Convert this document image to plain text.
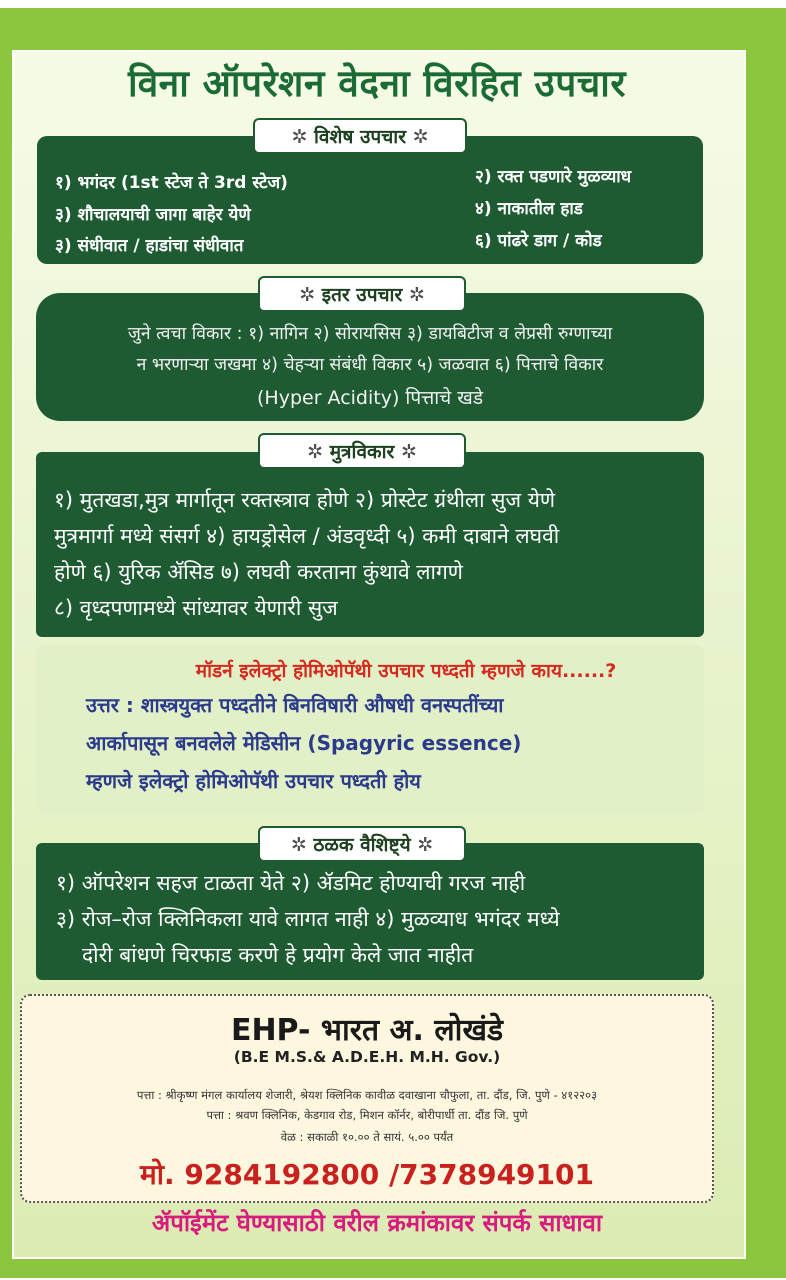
विना ऑपरेशन वेदना विरहित उपचार
१) भगंदर (1st स्टेज ते 3rd स्टेज)
३) शौचालयाची जागा बाहेर येणे
३) संधीवात / हाडांचा संधीवात
२) रक्त पडणारे मुळव्याध
४) नाकातील हाड
६) पांढरे डाग / कोड
✲ विशेष उपचार ✲
जुने त्वचा विकार : १) नागिन २) सोरायसिस ३) डायबिटीज व लेप्रसी रुग्णाच्या
न भरणाऱ्या जखमा ४) चेहऱ्या संबंधी विकार ५) जळवात ६) पित्ताचे विकार
(Hyper Acidity) पित्ताचे खडे
✲ इतर उपचार ✲
१) मुतखडा,मुत्र मार्गातून रक्तस्त्राव होणे २) प्रोस्टेट ग्रंथीला सुज येणे
मुत्रमार्गा मध्ये संसर्ग ४) हायड्रोसेल / अंडवृध्दी ५) कमी दाबाने लघवी
होणे ६) युरिक ॲसिड ७) लघवी करताना कुंथावे लागणे
८) वृध्दपणामध्ये सांध्यावर येणारी सुज
✲ मुत्रविकार ✲
मॉडर्न इलेक्ट्रो होमिओपॅथी उपचार पध्दती म्हणजे काय......?
उत्तर : शास्त्रयुक्त पध्दतीने बिनविषारी औषधी वनस्पतींच्या
आर्कापासून बनवलेले मेडिसीन (Spagyric essence)
म्हणजे इलेक्ट्रो होमिओपॅथी उपचार पध्दती होय
१) ऑपरेशन सहज टाळता येते २) ॲडमिट होण्याची गरज नाही
३) रोज–रोज क्लिनिकला यावे लागत नाही ४) मुळव्याध भगंदर मध्ये
दोरी बांधणे चिरफाड करणे हे प्रयोग केले जात नाहीत
✲ ठळक वैशिष्ट्ये ✲
EHP- भारत अ. लोखंडे
(B.E M.S.& A.D.E.H. M.H. Gov.)
पत्ता : श्रीकृष्ण मंगल कार्यालय शेजारी, श्रेयश क्लिनिक कावीळ दवाखाना चौफुला, ता. दौंड, जि. पुणे - ४१२२०३
पत्ता : श्रवण क्लिनिक, केडगाव रोड, मिशन कॉर्नर, बोरीपार्धी ता. दौंड जि. पुणे
वेळ : सकाळी १०.०० ते सायं. ५.०० पर्यंत
मो. 9284192800 /7378949101
ॲपॉईमेंट घेण्यासाठी वरील क्रमांकावर संपर्क साधावा
